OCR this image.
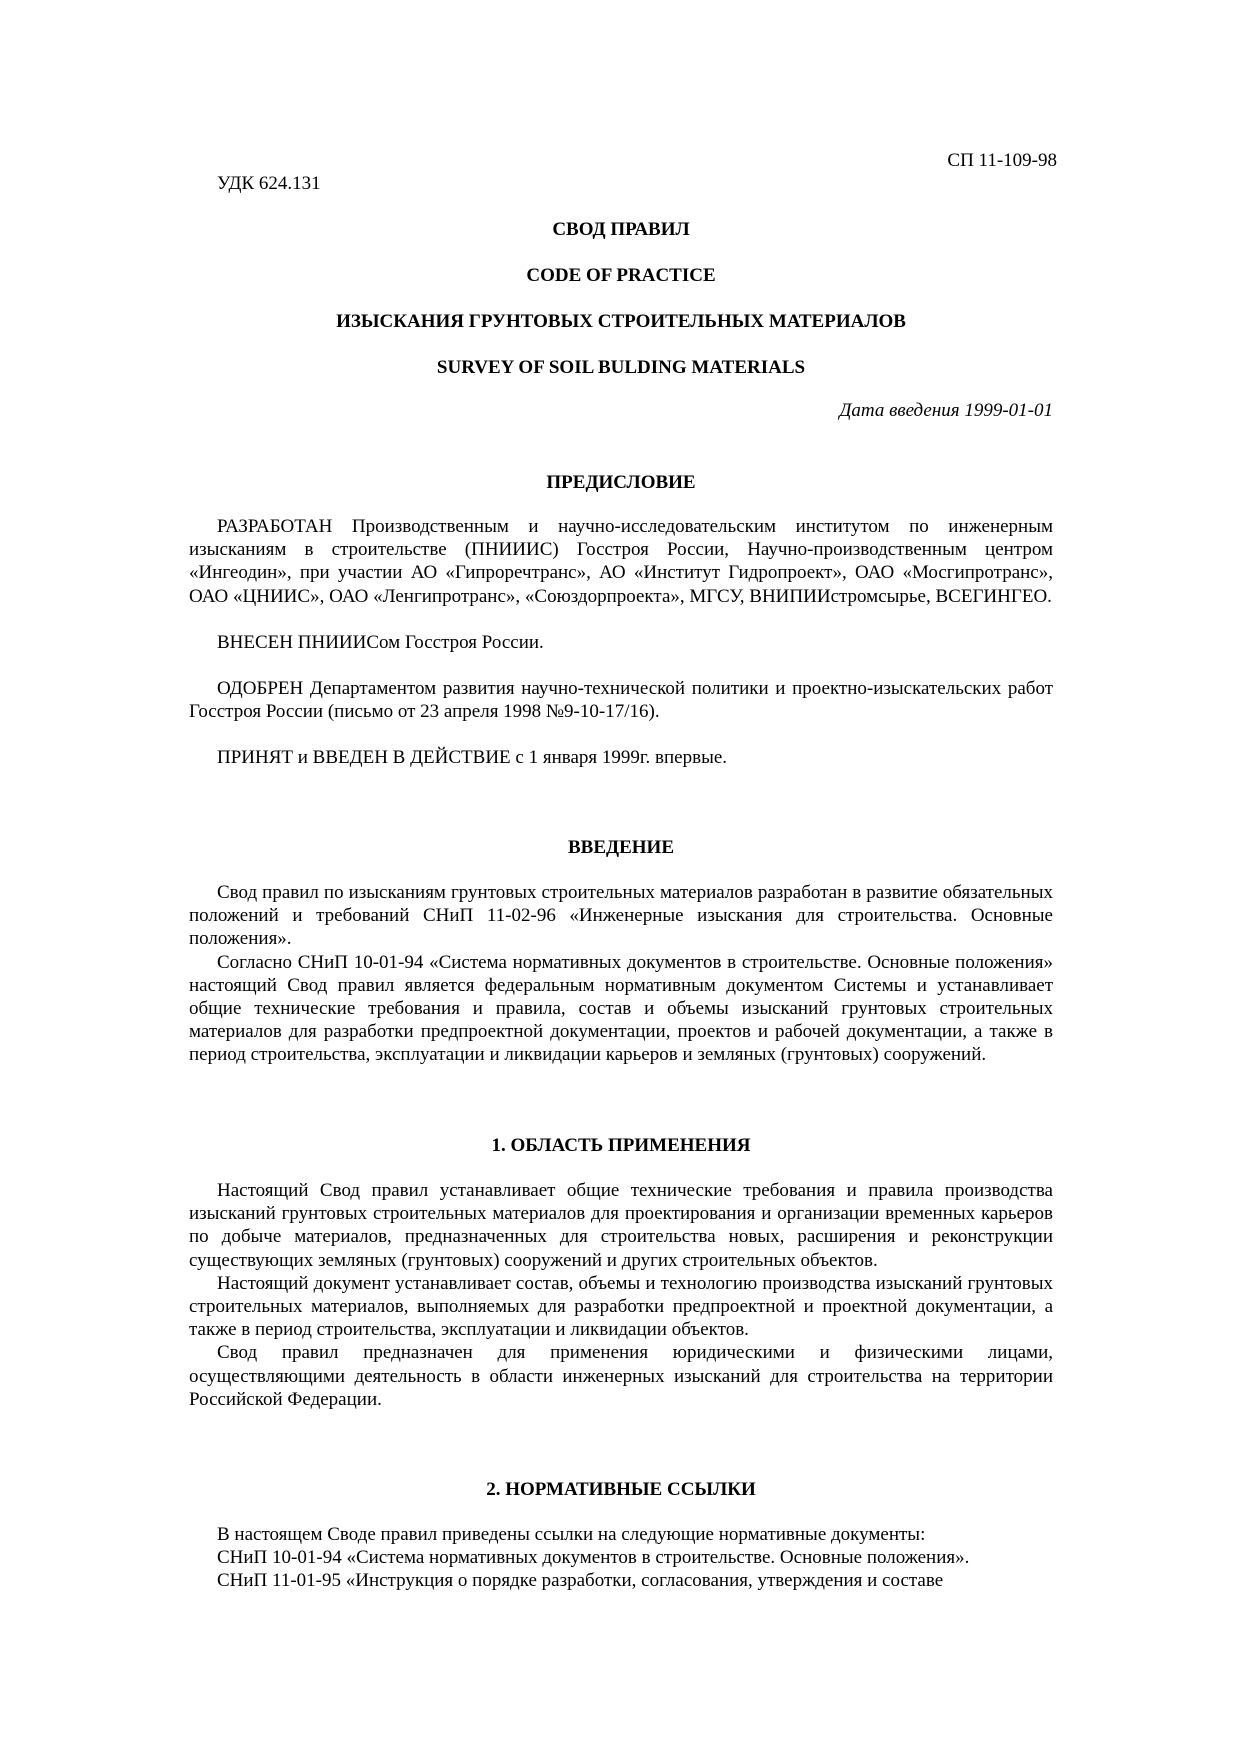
СП 11-109-98
УДК 624.131
СВОД ПРАВИЛ
CODE OF PRACTICE
ИЗЫСКАНИЯ ГРУНТОВЫХ СТРОИТЕЛЬНЫХ МАТЕРИАЛОВ
SURVEY OF SOIL BULDING MATERIALS
Дата введения 1999-01-01
ПРЕДИСЛОВИЕ

РАЗРАБОТАН Производственным и научно-исследовательским институтом по инженерным изысканиям в строительстве (ПНИИИС) Госстроя России, Научно-производственным центром «Ингеодин», при участии АО «Гипроречтранс», АО «Институт Гидропроект», ОАО «Мосгипротранс», ОАО «ЦНИИС», ОАО «Ленгипротранс», «Союздорпроекта», МГСУ, ВНИПИИстромсырье, ВСЕГИНГЕО.

ВНЕСЕН ПНИИИСом Госстроя России.

ОДОБРЕН Департаментом развития научно-технической политики и проектно-изыскательских работ Госстроя России (письмо от 23 апреля 1998 №9-10-17/16).

ПРИНЯТ и ВВЕДЕН В ДЕЙСТВИЕ с 1 января 1999г. впервые.

ВВЕДЕНИЕ

Свод правил по изысканиям грунтовых строительных материалов разработан в развитие обязательных положений и требований СНиП 11-02-96 «Инженерные изыскания для строительства. Основные положения».

Согласно СНиП 10-01-94 «Система нормативных документов в строительстве. Основные положения» настоящий Свод правил является федеральным нормативным документом Системы и устанавливает общие технические требования и правила, состав и объемы изысканий грунтовых строительных материалов для разработки предпроектной документации, проектов и рабочей документации, а также в период строительства, эксплуатации и ликвидации карьеров и земляных (грунтовых) сооружений.

1. ОБЛАСТЬ ПРИМЕНЕНИЯ

Настоящий Свод правил устанавливает общие технические требования и правила производства изысканий грунтовых строительных материалов для проектирования и организации временных карьеров по добыче материалов, предназначенных для строительства новых, расширения и реконструкции существующих земляных (грунтовых) сооружений и других строительных объектов.

Настоящий документ устанавливает состав, объемы и технологию производства изысканий грунтовых строительных материалов, выполняемых для разработки предпроектной и проектной документации, а также в период строительства, эксплуатации и ликвидации объектов.

Свод правил предназначен для применения юридическими и физическими лицами, осуществляющими деятельность в области инженерных изысканий для строительства на территории Российской Федерации.

2. НОРМАТИВНЫЕ ССЫЛКИ

В настоящем Своде правил приведены ссылки на следующие нормативные документы:

СНиП 10-01-94 «Система нормативных документов в строительстве. Основные положения».

СНиП 11-01-95 «Инструкция о порядке разработки, согласования, утверждения и составе
